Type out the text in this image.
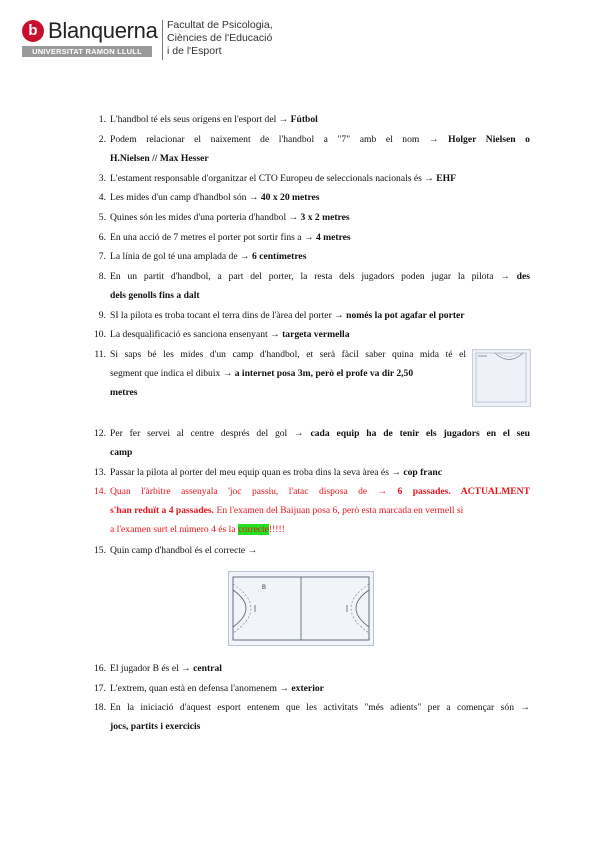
b Blanquerna
UNIVERSITAT RAMON LLULL
Facultat de Psicologia,
Ciències de l'Educació
i de l'Esport
1. L'handbol té els seus orígens en l'esport del → Fútbol
2. Podem relacionar el naixement de l'handbol a "7" amb el nom → Holger Nielsen o
H.Nielsen // Max Hesser
3. L'estament responsable d'organitzar el CTO Europeu de seleccionals nacionals és → EHF
4. Les mides d'un camp d'handbol són → 40 x 20 metres
5. Quines són les mides d'una porteria d'handbol → 3 x 2 metres
6. En una acció de 7 metres el porter pot sortir fins a → 4 metres
7. La línia de gol té una amplada de → 6 centímetres
8. En un partit d'handbol, a part del porter, la resta dels jugadors poden jugar la pilota → des
dels genolls fins a dalt
9. SI la pilota es troba tocant el terra dins de l'àrea del porter → només la pot agafar el porter
10. La desqualificació es sanciona ensenyant → targeta vermella
11. Si saps bé les mides d'un camp d'handbol, et serà fàcil saber quina mida té el
segment que indica el dibuix → a internet posa 3m, però el profe va dir 2,50
metres
12. Per fer servei al centre després del gol → cada equip ha de tenir els jugadors en el seu
camp
13. Passar la pilota al porter del meu equip quan es troba dins la seva àrea és → cop franc
14. Quan l'àrbitre assenyala 'joc passiu, l'atac disposa de → 6 passades. ACTUALMENT
s'han reduït a 4 passades. En l'examen del Baijuan posa 6, però esta marcada en vermell si
a l'examen surt el número 4 és la correcte!!!!!
15. Quin camp d'handbol és el correcte →
B
16. El jugador B és el → central
17. L'extrem, quan està en defensa l'anomenem → exterior
18. En la iniciació d'aquest esport entenem que les activitats "més adients" per a començar són →
jocs, partits i exercicis
